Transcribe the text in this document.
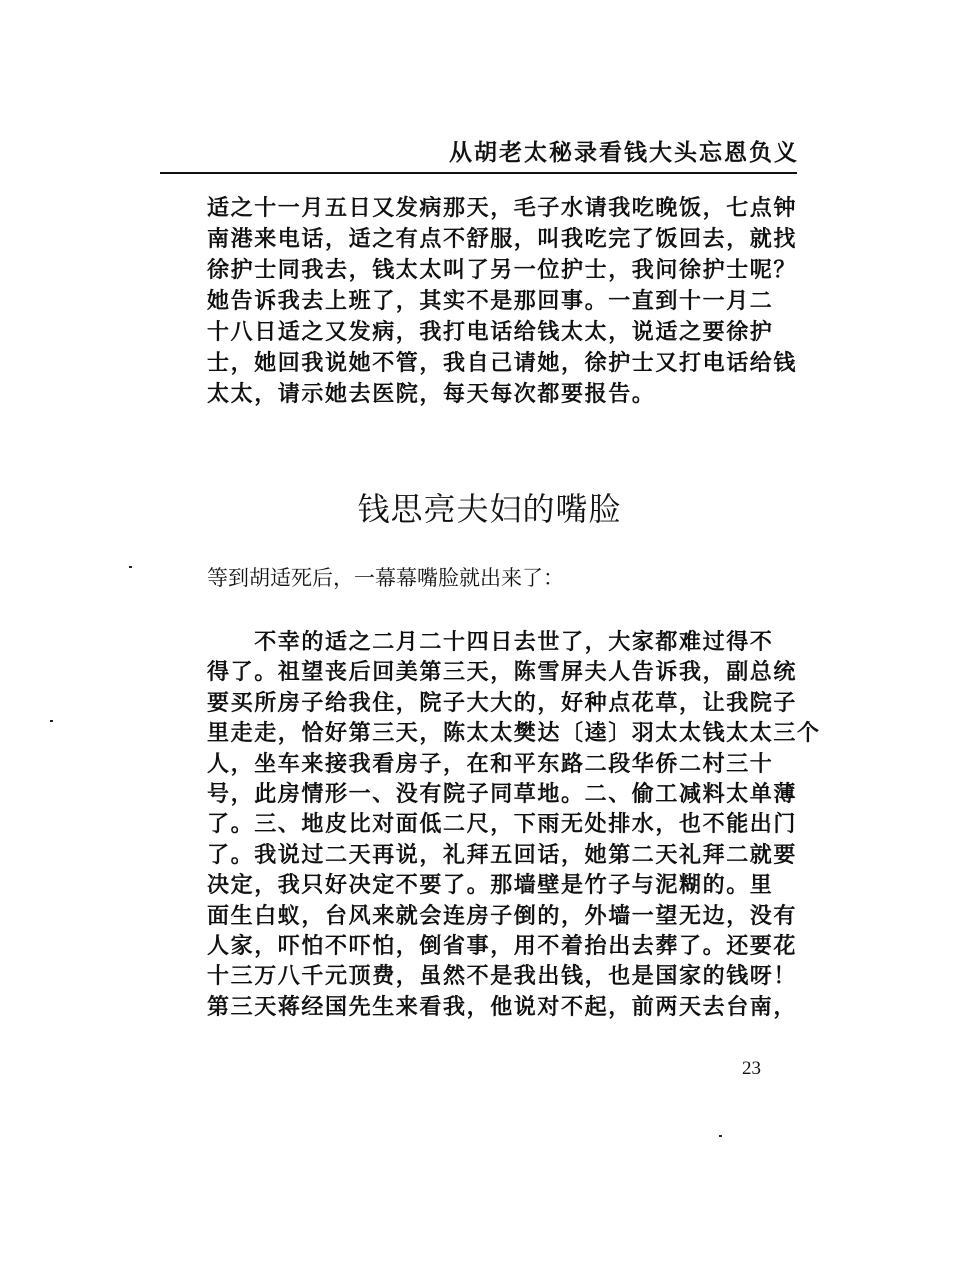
从胡老太秘录看钱大头忘恩负义
适之十一月五日又发病那天，毛子水请我吃晚饭，七点钟
南港来电话，适之有点不舒服，叫我吃完了饭回去，就找
徐护士同我去，钱太太叫了另一位护士，我问徐护士呢？
她告诉我去上班了，其实不是那回事。一直到十一月二
十八日适之又发病，我打电话给钱太太，说适之要徐护
士，她回我说她不管，我自己请她，徐护士又打电话给钱
太太，请示她去医院，每天每次都要报告。
钱思亮夫妇的嘴脸
等到胡适死后，一幕幕嘴脸就出来了：
　　不幸的适之二月二十四日去世了，大家都难过得不
得了。祖望丧后回美第三天，陈雪屏夫人告诉我，副总统
要买所房子给我住，院子大大的，好种点花草，让我院子
里走走，恰好第三天，陈太太樊达〔逵〕羽太太钱太太三个
人，坐车来接我看房子，在和平东路二段华侨二村三十
号，此房情形一、没有院子同草地。二、偷工减料太单薄
了。三、地皮比对面低二尺，下雨无处排水，也不能出门
了。我说过二天再说，礼拜五回话，她第二天礼拜二就要
决定，我只好决定不要了。那墙壁是竹子与泥糊的。里
面生白蚁，台风来就会连房子倒的，外墙一望无边，没有
人家，吓怕不吓怕，倒省事，用不着抬出去葬了。还要花
十三万八千元顶费，虽然不是我出钱，也是国家的钱呀！
第三天蒋经国先生来看我，他说对不起，前两天去台南，
23
